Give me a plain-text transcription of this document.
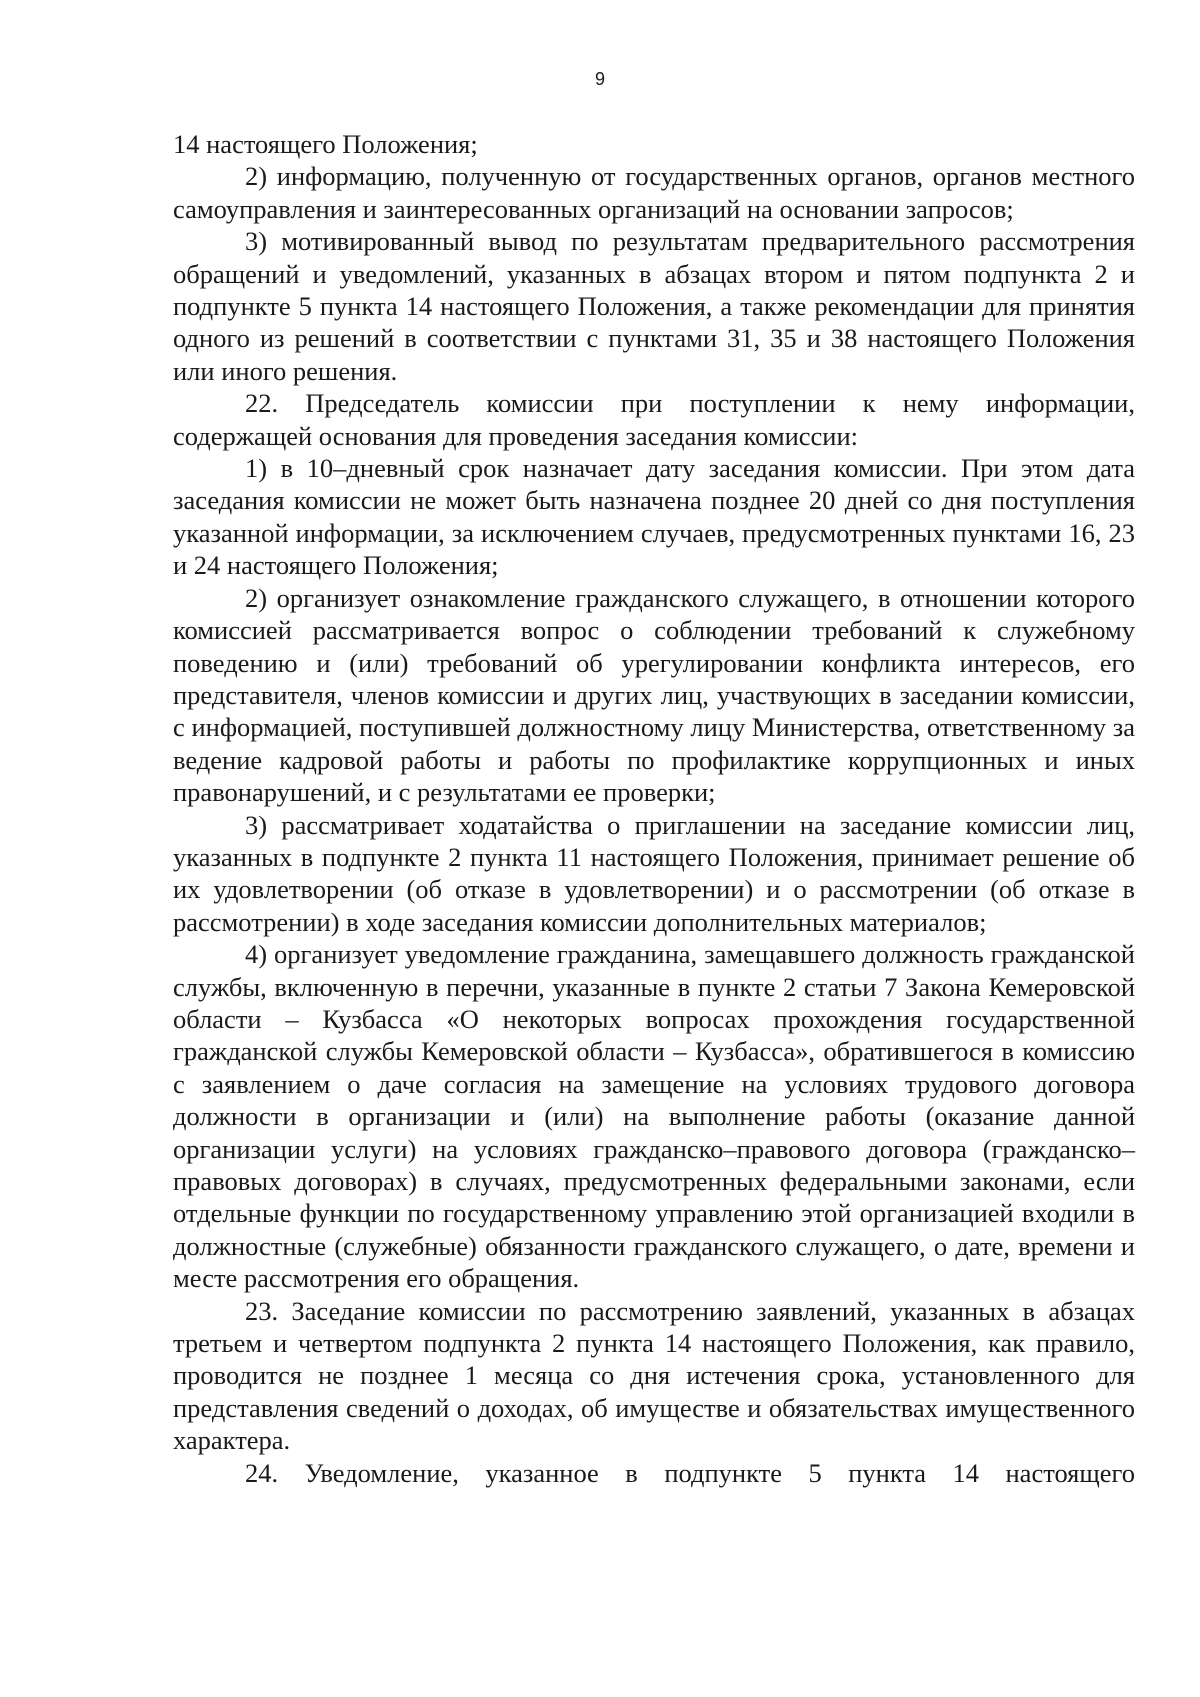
9

14 настоящего Положения;

2) информацию, полученную от государственных органов, органов местного самоуправления и заинтересованных организаций на основании запросов;

3) мотивированный вывод по результатам предварительного рассмотрения обращений и уведомлений, указанных в абзацах втором и пятом подпункта 2 и подпункте 5 пункта 14 настоящего Положения, а также рекомендации для принятия одного из решений в соответствии с пунктами 31, 35 и 38 настоящего Положения или иного решения.

22. Председатель комиссии при поступлении к нему информации, содержащей основания для проведения заседания комиссии:

1) в 10–дневный срок назначает дату заседания комиссии. При этом дата заседания комиссии не может быть назначена позднее 20 дней со дня поступления указанной информации, за исключением случаев, предусмотренных пунктами 16, 23 и 24 настоящего Положения;

2) организует ознакомление гражданского служащего, в отношении которого комиссией рассматривается вопрос о соблюдении требований к служебному поведению и (или) требований об урегулировании конфликта интересов, его представителя, членов комиссии и других лиц, участвующих в заседании комиссии, с информацией, поступившей должностному лицу Министерства, ответственному за ведение кадровой работы и работы по профилактике коррупционных и иных правонарушений, и с результатами ее проверки;

3) рассматривает ходатайства о приглашении на заседание комиссии лиц, указанных в подпункте 2 пункта 11 настоящего Положения, принимает решение об их удовлетворении (об отказе в удовлетворении) и о рассмотрении (об отказе в рассмотрении) в ходе заседания комиссии дополнительных материалов;

4) организует уведомление гражданина, замещавшего должность гражданской службы, включенную в перечни, указанные в пункте 2 статьи 7 Закона Кемеровской области – Кузбасса «О некоторых вопросах прохождения государственной гражданской службы Кемеровской области – Кузбасса», обратившегося в комиссию с заявлением о даче согласия на замещение на условиях трудового договора должности в организации и (или) на выполнение работы (оказание данной организации услуги) на условиях гражданско–правового договора (гражданско–правовых договорах) в случаях, предусмотренных федеральными законами, если отдельные функции по государственному управлению этой организацией входили в должностные (служебные) обязанности гражданского служащего, о дате, времени и месте рассмотрения его обращения.

23. Заседание комиссии по рассмотрению заявлений, указанных в абзацах третьем и четвертом подпункта 2 пункта 14 настоящего Положения, как правило, проводится не позднее 1 месяца со дня истечения срока, установленного для представления сведений о доходах, об имуществе и обязательствах имущественного характера.

24. Уведомление, указанное в подпункте 5 пункта 14 настоящего
